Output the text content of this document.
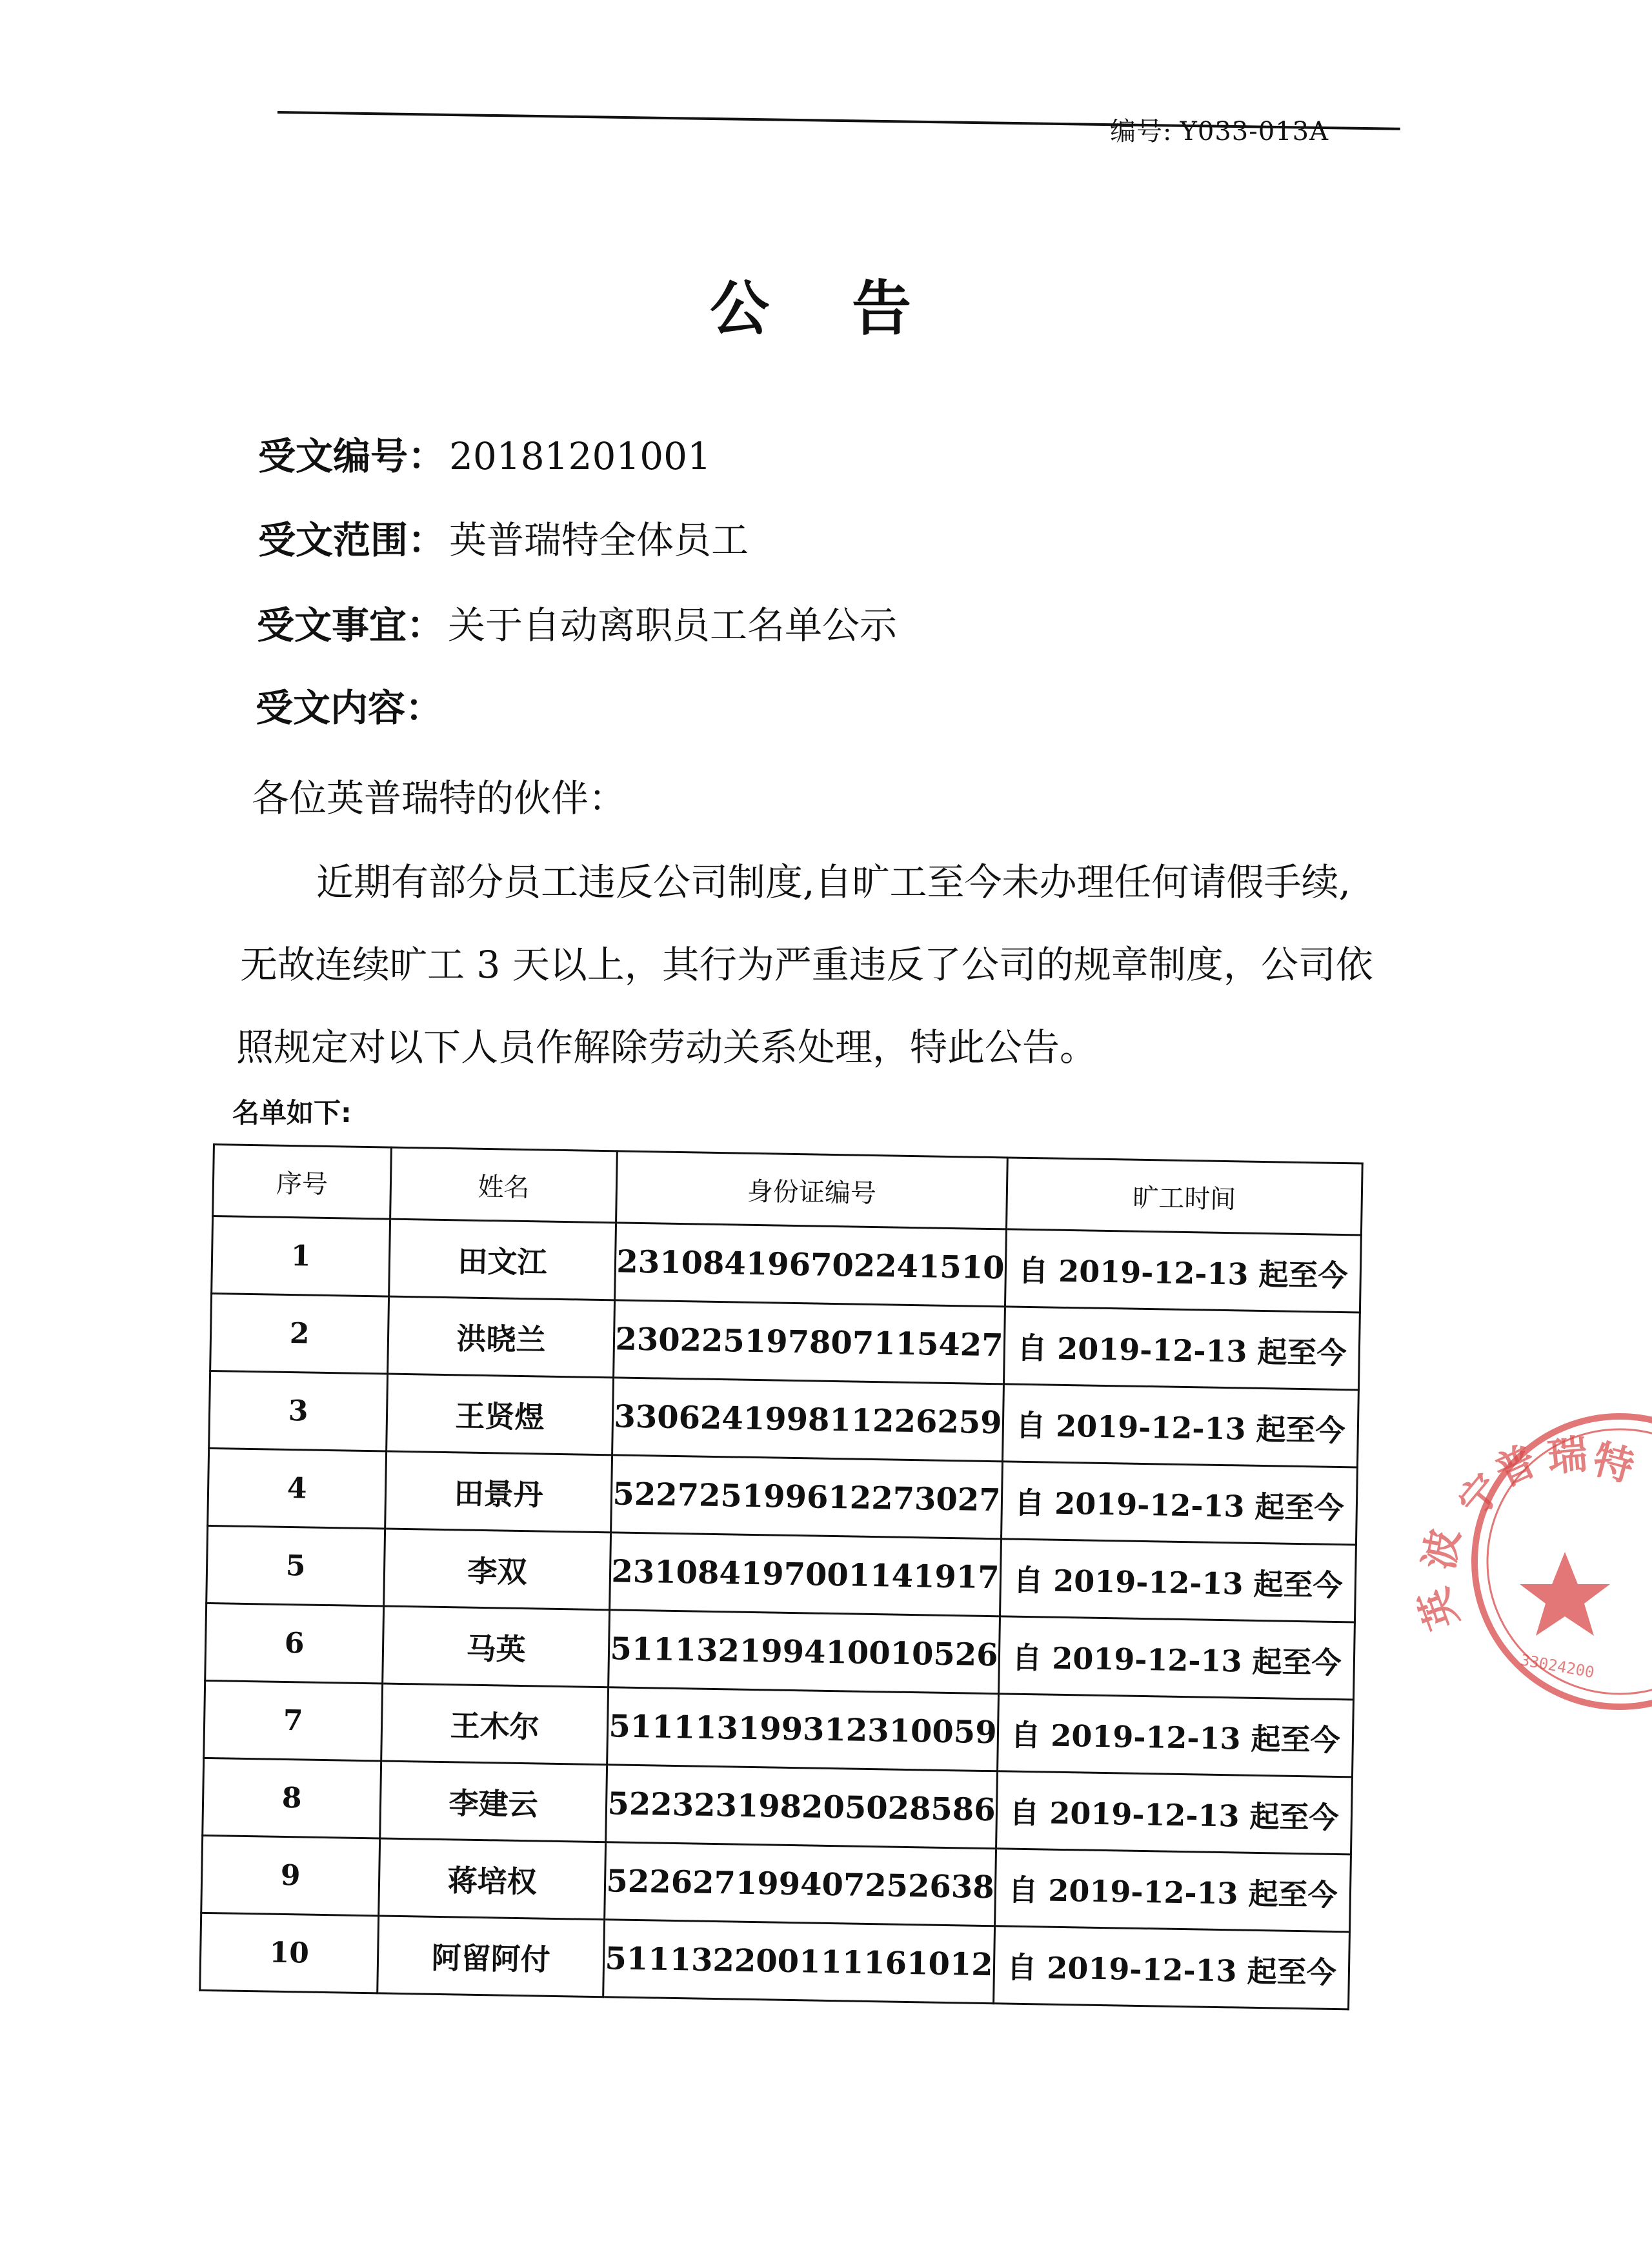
编号: Y033-013A
公 告
受文编号： 20181201001
受文范围： 英普瑞特全体员工
受文事宜： 关于自动离职员工名单公示
受文内容：
各位英普瑞特的伙伴：
近期有部分员工违反公司制度,自旷工至今未办理任何请假手续,
无故连续旷工 3 天以上，其行为严重违反了公司的规章制度，公司依
照规定对以下人员作解除劳动关系处理，特此公告。
名单如下:
序号	姓名	身份证编号	旷工时间
1	田文江	231084196702241510	自 2019-12-13 起至今
2	洪晓兰	230225197807115427	自 2019-12-13 起至今
3	王贤煜	330624199811226259	自 2019-12-13 起至今
4	田景丹	522725199612273027	自 2019-12-13 起至今
5	李双	231084197001141917	自 2019-12-13 起至今
6	马英	511132199410010526	自 2019-12-13 起至今
7	王木尔	511113199312310059	自 2019-12-13 起至今
8	李建云	522323198205028586	自 2019-12-13 起至今
9	蒋培权	522627199407252638	自 2019-12-13 起至今
10	阿留阿付	511132200111161012	自 2019-12-13 起至今
宁
波
英
普 瑞
特
33024200
